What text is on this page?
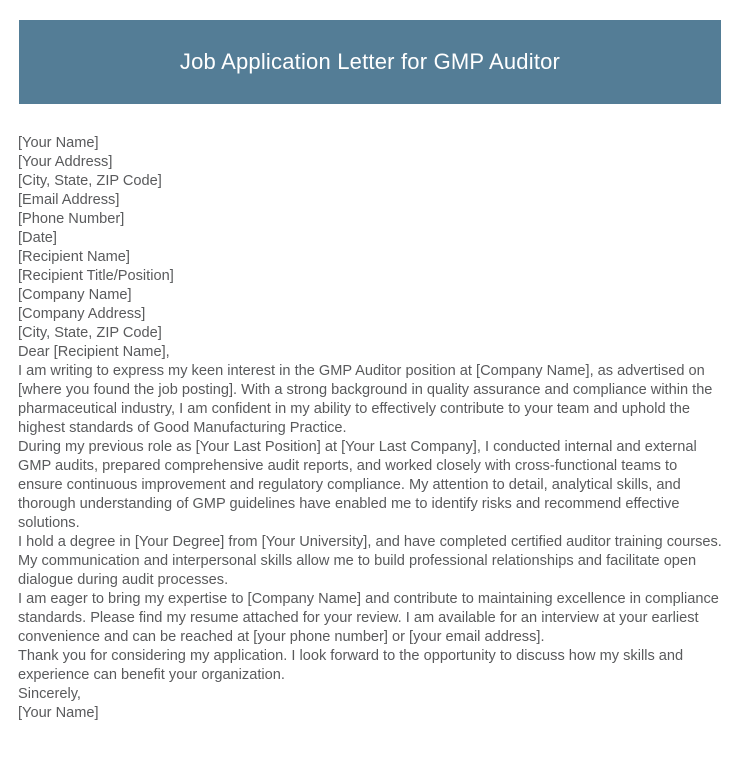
Job Application Letter for GMP Auditor
[Your Name]
[Your Address]
[City, State, ZIP Code]
[Email Address]
[Phone Number]
[Date]
[Recipient Name]
[Recipient Title/Position]
[Company Name]
[Company Address]
[City, State, ZIP Code]
Dear [Recipient Name],
I am writing to express my keen interest in the GMP Auditor position at [Company Name], as advertised on [where you found the job posting]. With a strong background in quality assurance and compliance within the pharmaceutical industry, I am confident in my ability to effectively contribute to your team and uphold the highest standards of Good Manufacturing Practice.
During my previous role as [Your Last Position] at [Your Last Company], I conducted internal and external GMP audits, prepared comprehensive audit reports, and worked closely with cross-functional teams to ensure continuous improvement and regulatory compliance. My attention to detail, analytical skills, and thorough understanding of GMP guidelines have enabled me to identify risks and recommend effective solutions.
I hold a degree in [Your Degree] from [Your University], and have completed certified auditor training courses. My communication and interpersonal skills allow me to build professional relationships and facilitate open dialogue during audit processes.
I am eager to bring my expertise to [Company Name] and contribute to maintaining excellence in compliance standards. Please find my resume attached for your review. I am available for an interview at your earliest convenience and can be reached at [your phone number] or [your email address].
Thank you for considering my application. I look forward to the opportunity to discuss how my skills and experience can benefit your organization.
Sincerely,
[Your Name]
